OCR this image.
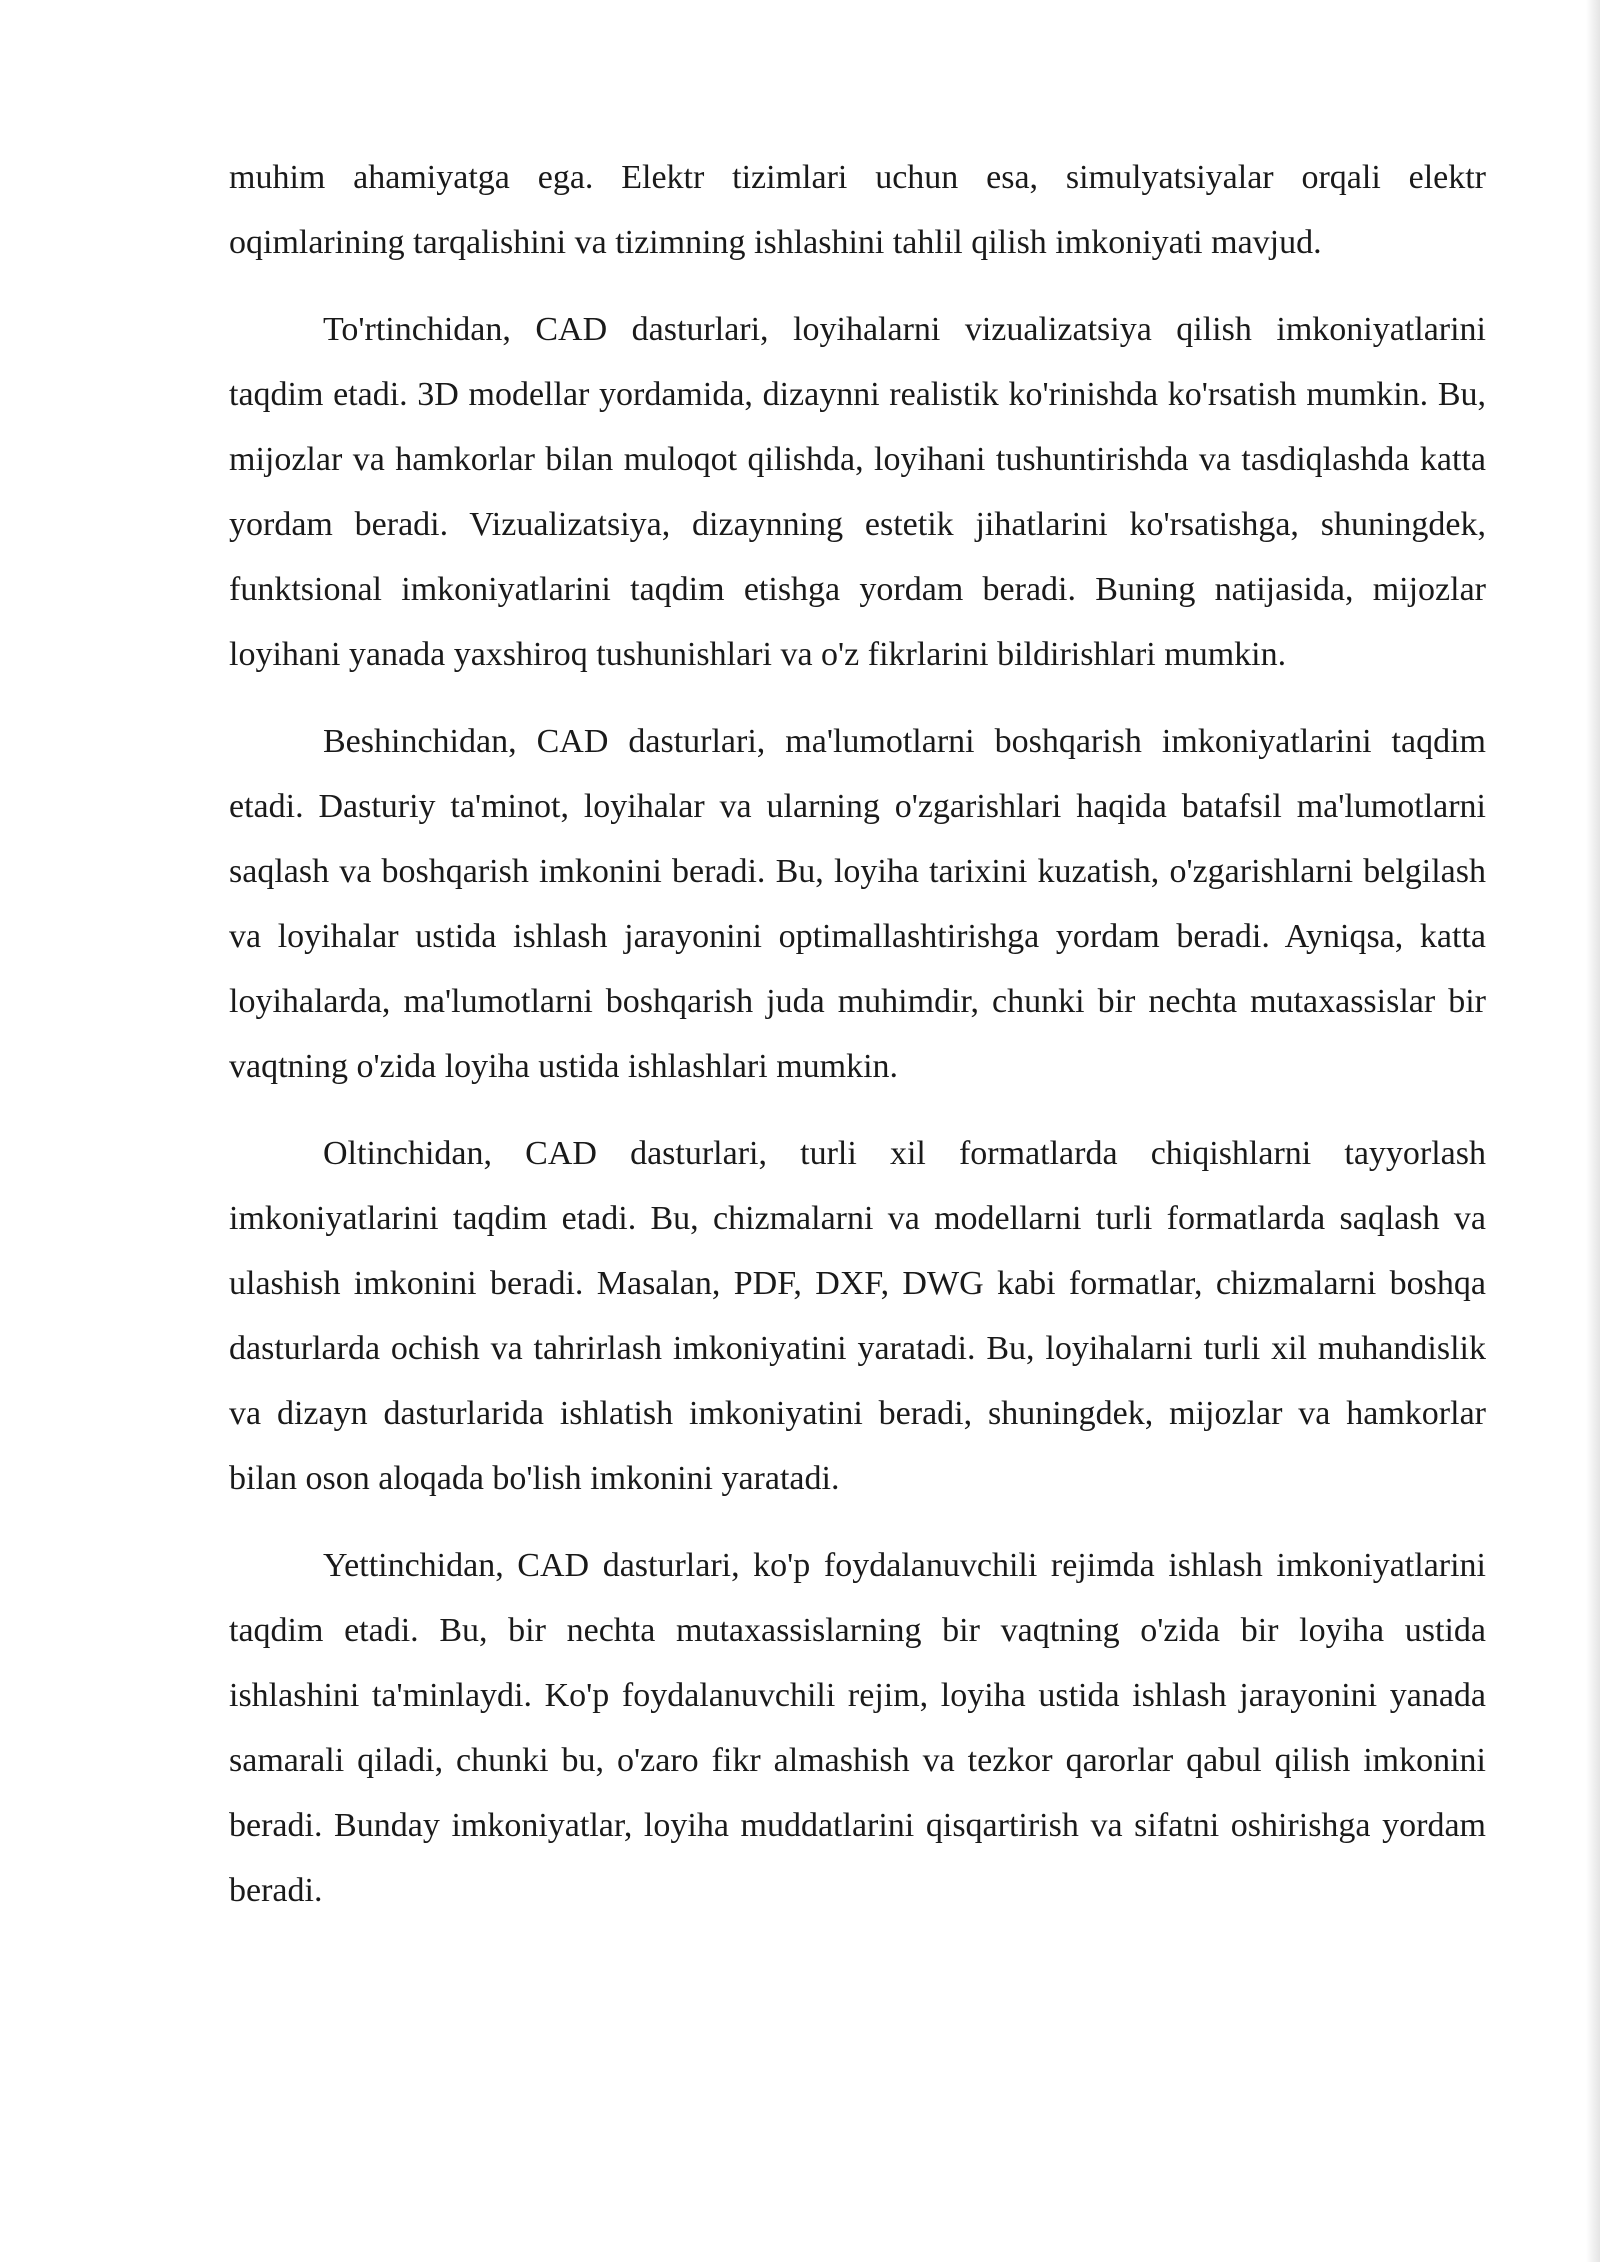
muhim ahamiyatga ega. Elektr tizimlari uchun esa, simulyatsiyalar orqali elektr oqimlarining tarqalishini va tizimning ishlashini tahlil qilish imkoniyati mavjud.

To'rtinchidan, CAD dasturlari, loyihalarni vizualizatsiya qilish imkoniyatlarini taqdim etadi. 3D modellar yordamida, dizaynni realistik ko'rinishda ko'rsatish mumkin. Bu, mijozlar va hamkorlar bilan muloqot qilishda, loyihani tushuntirishda va tasdiqlashda katta yordam beradi. Vizualizatsiya, dizaynning estetik jihatlarini ko'rsatishga, shuningdek, funktsional imkoniyatlarini taqdim etishga yordam beradi. Buning natijasida, mijozlar loyihani yanada yaxshiroq tushunishlari va o'z fikrlarini bildirishlari mumkin.

Beshinchidan, CAD dasturlari, ma'lumotlarni boshqarish imkoniyatlarini taqdim etadi. Dasturiy ta'minot, loyihalar va ularning o'zgarishlari haqida batafsil ma'lumotlarni saqlash va boshqarish imkonini beradi. Bu, loyiha tarixini kuzatish, o'zgarishlarni belgilash va loyihalar ustida ishlash jarayonini optimallashtirishga yordam beradi. Ayniqsa, katta loyihalarda, ma'lumotlarni boshqarish juda muhimdir, chunki bir nechta mutaxassislar bir vaqtning o'zida loyiha ustida ishlashlari mumkin.

Oltinchidan, CAD dasturlari, turli xil formatlarda chiqishlarni tayyorlash imkoniyatlarini taqdim etadi. Bu, chizmalarni va modellarni turli formatlarda saqlash va ulashish imkonini beradi. Masalan, PDF, DXF, DWG kabi formatlar, chizmalarni boshqa dasturlarda ochish va tahrirlash imkoniyatini yaratadi. Bu, loyihalarni turli xil muhandislik va dizayn dasturlarida ishlatish imkoniyatini beradi, shuningdek, mijozlar va hamkorlar bilan oson aloqada bo'lish imkonini yaratadi.

Yettinchidan, CAD dasturlari, ko'p foydalanuvchili rejimda ishlash imkoniyatlarini taqdim etadi. Bu, bir nechta mutaxassislarning bir vaqtning o'zida bir loyiha ustida ishlashini ta'minlaydi. Ko'p foydalanuvchili rejim, loyiha ustida ishlash jarayonini yanada samarali qiladi, chunki bu, o'zaro fikr almashish va tezkor qarorlar qabul qilish imkonini beradi. Bunday imkoniyatlar, loyiha muddatlarini qisqartirish va sifatni oshirishga yordam beradi.
